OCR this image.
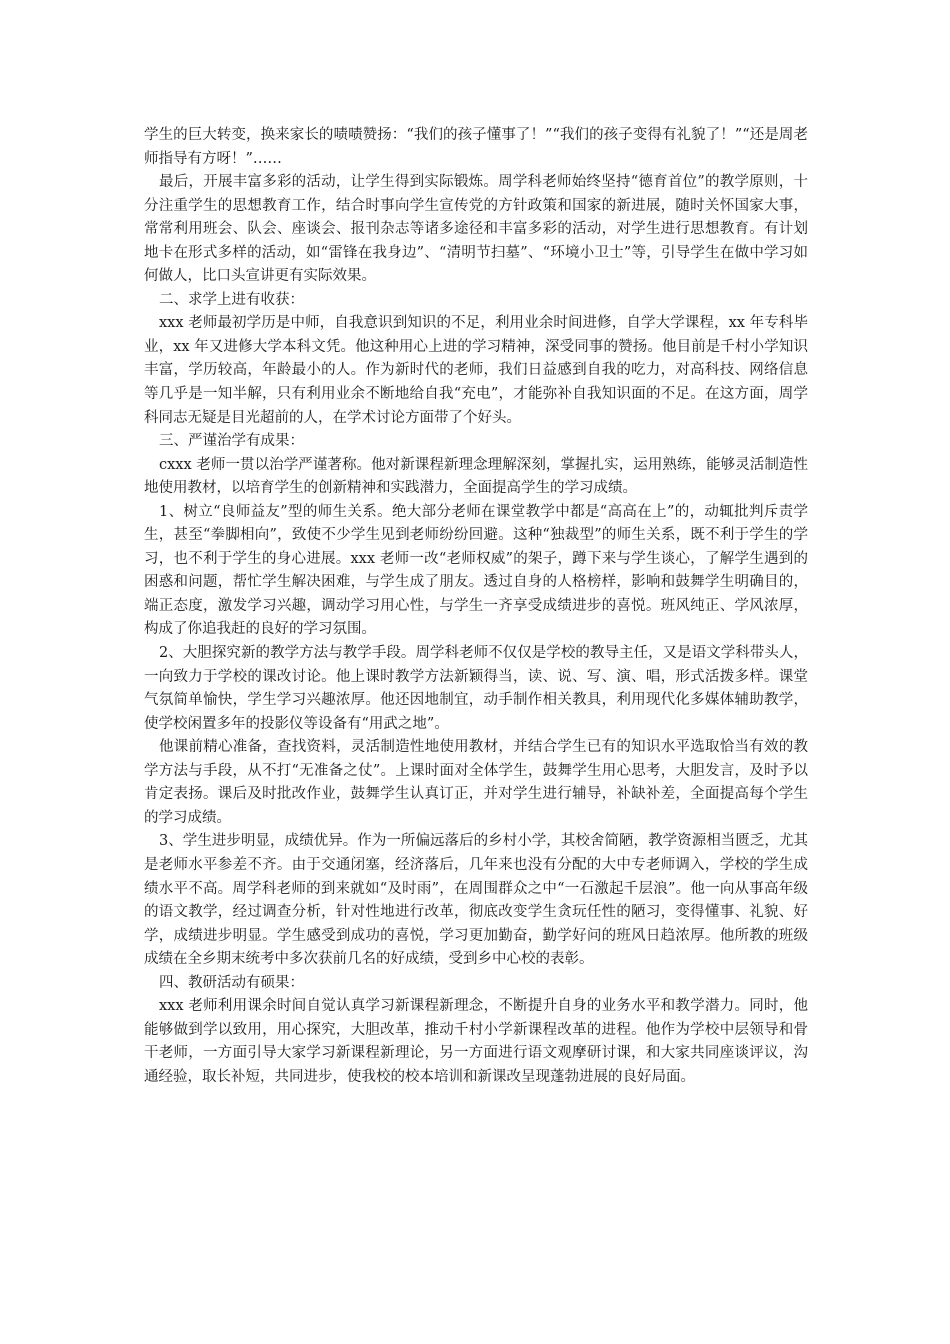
学生的巨大转变，换来家长的啧啧赞扬：“我们的孩子懂事了！”“我们的孩子变得有礼貌了！”“还是周老师指导有方呀！”……

最后，开展丰富多彩的活动，让学生得到实际锻炼。周学科老师始终坚持“德育首位”的教学原则，十分注重学生的思想教育工作，结合时事向学生宣传党的方针政策和国家的新进展，随时关怀国家大事，常常利用班会、队会、座谈会、报刊杂志等诸多途径和丰富多彩的活动，对学生进行思想教育。有计划地卡在形式多样的活动，如“雷锋在我身边”、“清明节扫墓”、“环境小卫士”等，引导学生在做中学习如何做人，比口头宣讲更有实际效果。

二、求学上进有收获：

xxx 老师最初学历是中师，自我意识到知识的不足，利用业余时间进修，自学大学课程，xx 年专科毕业，xx 年又进修大学本科文凭。他这种用心上进的学习精神，深受同事的赞扬。他目前是千村小学知识丰富，学历较高，年龄最小的人。作为新时代的老师，我们日益感到自我的吃力，对高科技、网络信息等几乎是一知半解，只有利用业余不断地给自我“充电”，才能弥补自我知识面的不足。在这方面，周学科同志无疑是目光超前的人，在学术讨论方面带了个好头。

三、严谨治学有成果：

cxxx 老师一贯以治学严谨著称。他对新课程新理念理解深刻，掌握扎实，运用熟练，能够灵活制造性地使用教材，以培育学生的创新精神和实践潜力，全面提高学生的学习成绩。

1、树立“良师益友”型的师生关系。绝大部分老师在课堂教学中都是“高高在上”的，动辄批判斥责学生，甚至“拳脚相向”，致使不少学生见到老师纷纷回避。这种“独裁型”的师生关系，既不利于学生的学习，也不利于学生的身心进展。xxx 老师一改“老师权威”的架子，蹲下来与学生谈心，了解学生遇到的困惑和问题，帮忙学生解决困难，与学生成了朋友。透过自身的人格榜样，影响和鼓舞学生明确目的，端正态度，激发学习兴趣，调动学习用心性，与学生一齐享受成绩进步的喜悦。班风纯正、学风浓厚，构成了你追我赶的良好的学习氛围。

2、大胆探究新的教学方法与教学手段。周学科老师不仅仅是学校的教导主任，又是语文学科带头人，一向致力于学校的课改讨论。他上课时教学方法新颖得当，读、说、写、演、唱，形式活拨多样。课堂气氛简单愉快，学生学习兴趣浓厚。他还因地制宜，动手制作相关教具，利用现代化多媒体辅助教学，使学校闲置多年的投影仪等设备有“用武之地”。

他课前精心准备，查找资料，灵活制造性地使用教材，并结合学生已有的知识水平选取恰当有效的教学方法与手段，从不打“无准备之仗”。上课时面对全体学生，鼓舞学生用心思考，大胆发言，及时予以肯定表扬。课后及时批改作业，鼓舞学生认真订正，并对学生进行辅导，补缺补差，全面提高每个学生的学习成绩。

3、学生进步明显，成绩优异。作为一所偏远落后的乡村小学，其校舍简陋，教学资源相当匮乏，尤其是老师水平参差不齐。由于交通闭塞，经济落后，几年来也没有分配的大中专老师调入，学校的学生成绩水平不高。周学科老师的到来就如“及时雨”，在周围群众之中“一石激起千层浪”。他一向从事高年级的语文教学，经过调查分析，针对性地进行改革，彻底改变学生贪玩任性的陋习，变得懂事、礼貌、好学，成绩进步明显。学生感受到成功的喜悦，学习更加勤奋，勤学好问的班风日趋浓厚。他所教的班级成绩在全乡期末统考中多次获前几名的好成绩，受到乡中心校的表彰。

四、教研活动有硕果：

xxx 老师利用课余时间自觉认真学习新课程新理念，不断提升自身的业务水平和教学潜力。同时，他能够做到学以致用，用心探究，大胆改革，推动千村小学新课程改革的进程。他作为学校中层领导和骨干老师，一方面引导大家学习新课程新理论，另一方面进行语文观摩研讨课，和大家共同座谈评议，沟通经验，取长补短，共同进步，使我校的校本培训和新课改呈现蓬勃进展的良好局面。
